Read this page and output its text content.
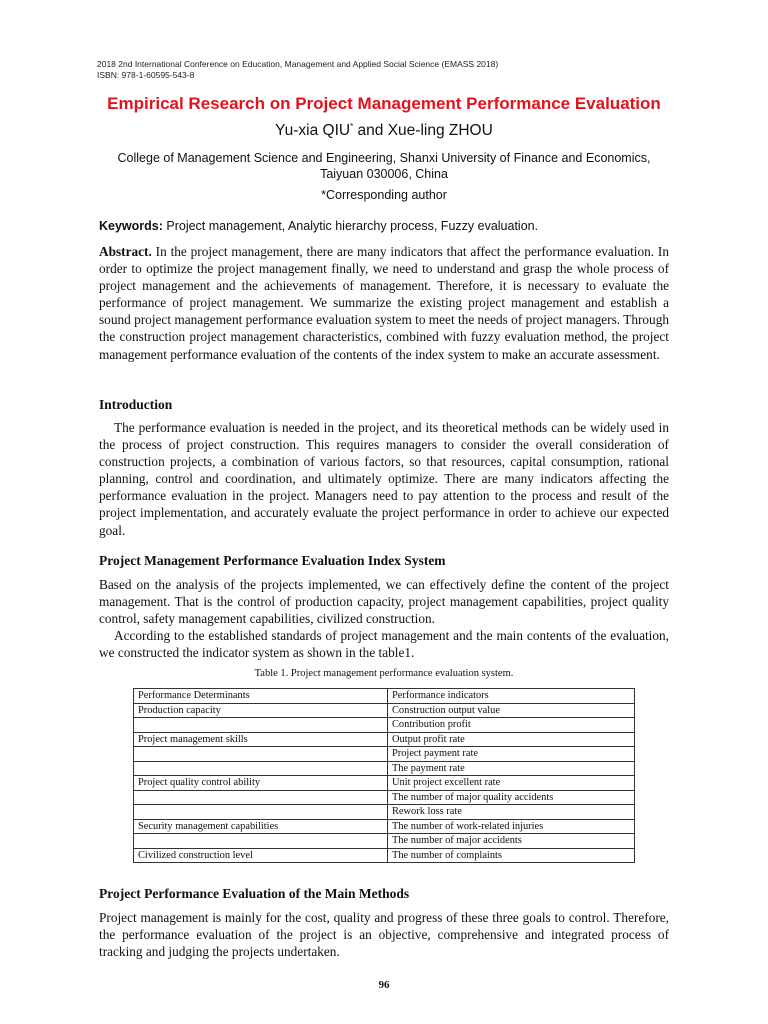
2018 2nd International Conference on Education, Management and Applied Social Science (EMASS 2018)
ISBN: 978-1-60595-543-8
Empirical Research on Project Management Performance Evaluation
Yu-xia QIU* and Xue-ling ZHOU
College of Management Science and Engineering, Shanxi University of Finance and Economics,
Taiyuan 030006, China
*Corresponding author
Keywords: Project management, Analytic hierarchy process, Fuzzy evaluation.
Abstract. In the project management, there are many indicators that affect the performance evaluation. In order to optimize the project management finally, we need to understand and grasp the whole process of project management and the achievements of management. Therefore, it is necessary to evaluate the performance of project management. We summarize the existing project management and establish a sound project management performance evaluation system to meet the needs of project managers. Through the construction project management characteristics, combined with fuzzy evaluation method, the project management performance evaluation of the contents of the index system to make an accurate assessment.
Introduction
The performance evaluation is needed in the project, and its theoretical methods can be widely used in the process of project construction. This requires managers to consider the overall consideration of construction projects, a combination of various factors, so that resources, capital consumption, rational planning, control and coordination, and ultimately optimize. There are many indicators affecting the performance evaluation in the project. Managers need to pay attention to the process and result of the project implementation, and accurately evaluate the project performance in order to achieve our expected goal.
Project Management Performance Evaluation Index System
Based on the analysis of the projects implemented, we can effectively define the content of the project management. That is the control of production capacity, project management capabilities, project quality control, safety management capabilities, civilized construction.
According to the established standards of project management and the main contents of the evaluation, we constructed the indicator system as shown in the table1.
Table 1. Project management performance evaluation system.
Performance Determinants	Performance indicators
Production capacity	Construction output value
	Contribution profit
Project management skills	Output profit rate
	Project payment rate
	The payment rate
Project quality control ability	Unit project excellent rate
	The number of major quality accidents
	Rework loss rate
Security management capabilities	The number of work-related injuries
	The number of major accidents
Civilized construction level	The number of complaints
Project Performance Evaluation of the Main Methods
Project management is mainly for the cost, quality and progress of these three goals to control. Therefore, the performance evaluation of the project is an objective, comprehensive and integrated process of tracking and judging the projects undertaken.
96
